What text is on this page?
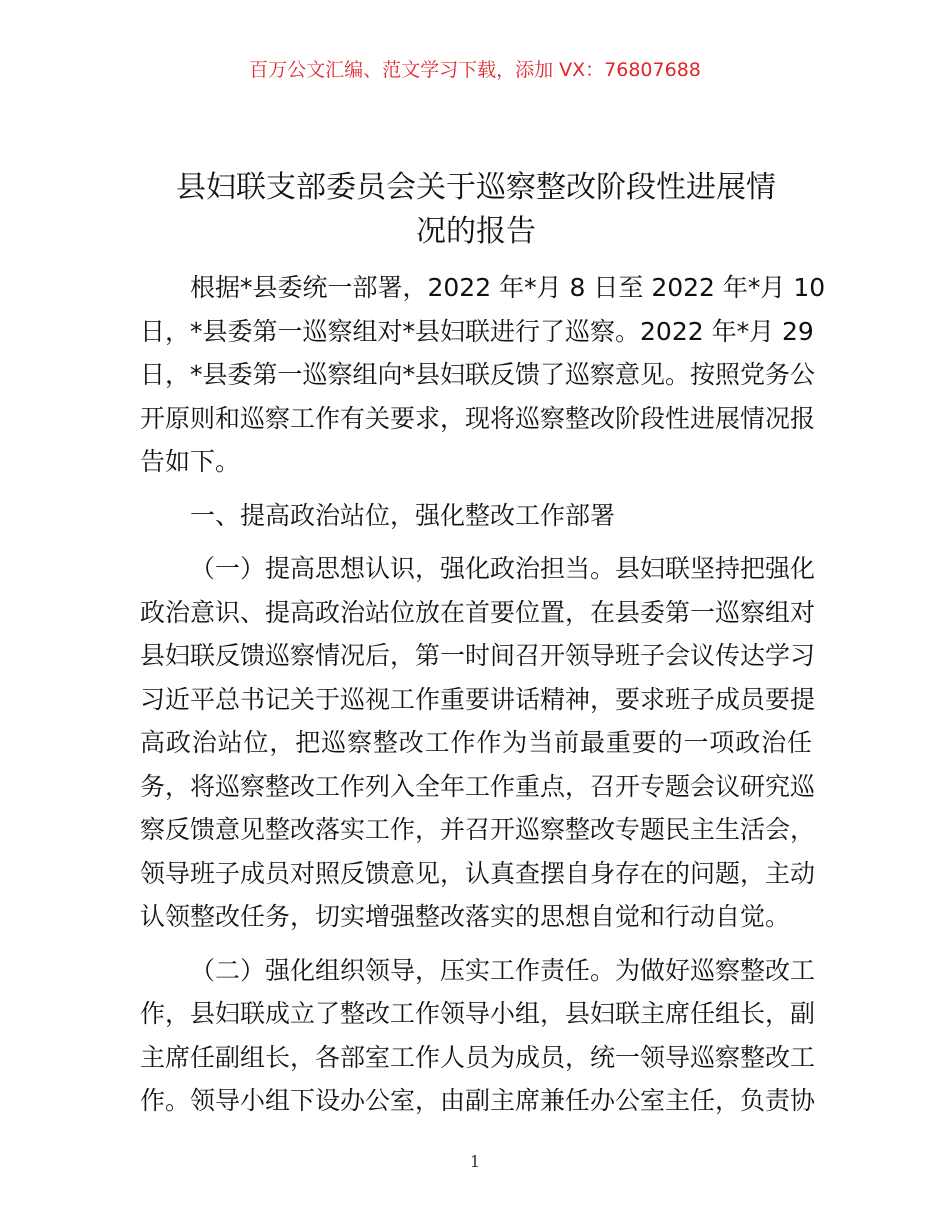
百万公文汇编、范文学习下载，添加 VX：76807688
县妇联支部委员会关于巡察整改阶段性进展情
况的报告
根据*县委统一部署，2022 年*月 8 日至 2022 年*月 10
日，*县委第一巡察组对*县妇联进行了巡察。2022 年*月 29
日，*县委第一巡察组向*县妇联反馈了巡察意见。按照党务公
开原则和巡察工作有关要求，现将巡察整改阶段性进展情况报
告如下。
一、提高政治站位，强化整改工作部署
（一）提高思想认识，强化政治担当。县妇联坚持把强化
政治意识、提高政治站位放在首要位置，在县委第一巡察组对
县妇联反馈巡察情况后，第一时间召开领导班子会议传达学习
习近平总书记关于巡视工作重要讲话精神，要求班子成员要提
高政治站位，把巡察整改工作作为当前最重要的一项政治任
务，将巡察整改工作列入全年工作重点，召开专题会议研究巡
察反馈意见整改落实工作，并召开巡察整改专题民主生活会，
领导班子成员对照反馈意见，认真查摆自身存在的问题，主动
认领整改任务，切实增强整改落实的思想自觉和行动自觉。
（二）强化组织领导，压实工作责任。为做好巡察整改工
作，县妇联成立了整改工作领导小组，县妇联主席任组长，副
主席任副组长，各部室工作人员为成员，统一领导巡察整改工
作。领导小组下设办公室，由副主席兼任办公室主任，负责协
1
